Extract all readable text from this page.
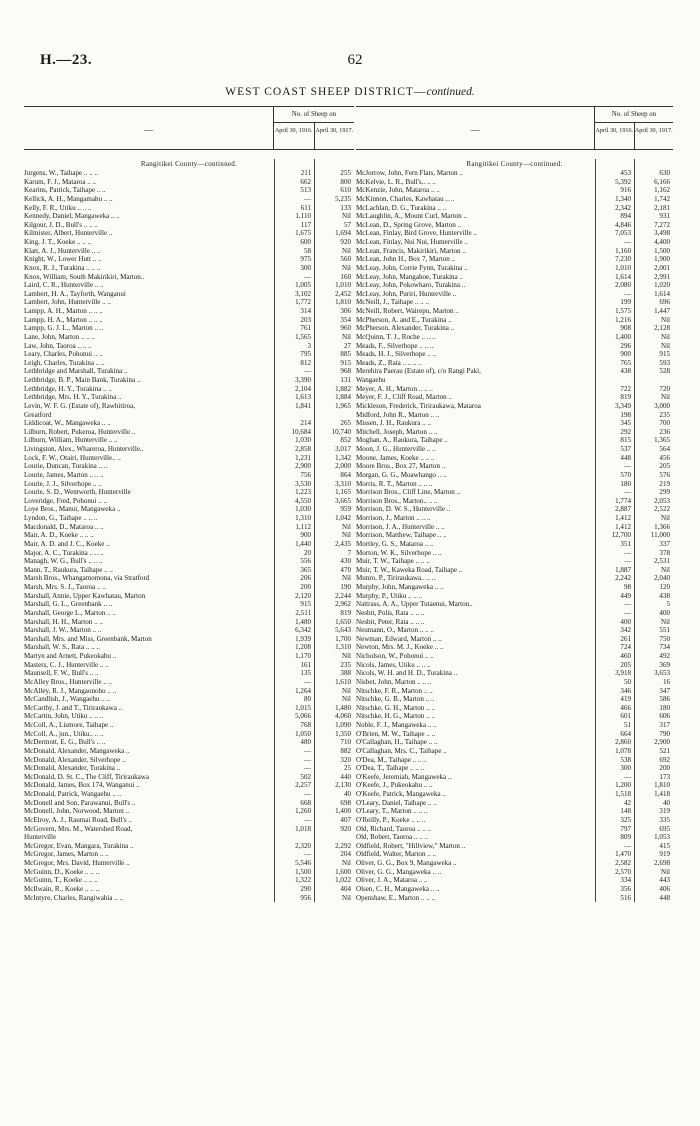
H.—23.	62
WEST COAST SHEEP DISTRICT—continued.
—
No. of Sheep on
April 30, 1916. April 30, 1917.
Rangitikei County—continued.
Jurgens, W., Taihape .. .. ..	211	255
Karum, F. J., Mataroa .. ..	662	800
Kearins, Patrick, Taihape .. ..	513	610
Kellick, A. H., Mangamahu .. ..	—	5,235
Kelly, F. R., Utiku .. .. ..	611	133
Kennedy, Daniel, Mangaweka .. ..	1,110	Nil
Kilgour, J. D., Bull's .. .. ..	117	57
Kilmister, Albert, Hunterville ..	1,675	1,694
King, J. T., Koeke .. .. ..	600	920
Klatt, A. J., Hunterville .. ..	58	Nil
Knight, W., Lower Hutt .. ..	975	560
Knox, R. J., Turakina .. .. ..	300	Nil
Knox, William, South Makirikiri, Marton..	—	160
Laird, C. R., Hunterville .. ..	1,005	1,010
Lambert, H. A., Tayforth, Wanganui	3,102	2,452
Lambert, John, Hunterville .. ..	1,772	1,810
Lampp, A. H., Marton .. .. ..	314	306
Lampp, H. A., Marton .. .. ..	203	354
Lampp, G. J. L., Marton .. ..	761	960
Lane, John, Marton .. .. ..	1,565	Nil
Law, John, Taoroa .. .. ..	3	27
Leary, Charles, Pohonui .. ..	795	885
Leigh, Charles, Turakina .. ..	812	915
Lethbridge and Marshall, Turakina ..	—	968
Lethbridge, B. P., Main Bank, Turakina ..	3,390	131
Lethbridge, H. Y., Turakina .. ..	2,104	1,882
Lethbridge, Mrs. H. Y., Turakina ..	1,613	1,884
Levin, W. F. G. (Estate of), Rawhitiroa,	1,841	1,965
Greatford
Liddicoat, W., Mangaweka .. ..	214	265
Lilburn, Robert, Pukeroa, Hunterville ..	10,684	10,740
Lilburn, William, Hunterville .. ..	1,030	852
Livingston, Alex., Whareroa, Hunterville..	2,858	3,017
Lock, F. W., Otairi, Hunterville.. ..	1,231	1,342
Lourie, Duncan, Turakina .. ..	2,900	2,000
Lourie, James, Marton .. .. ..	756	864
Lourie, J. J., Silverhope .. ..	3,530	3,310
Lourie, S. D., Wentworth, Hunterville	1,223	1,165
Loveridge, Fred, Pohonui .. ..	4,550	3,665
Loye Bros., Manui, Mangaweka ..	1,030	959
Lyndon, G., Taihape .. .. ..	1,310	1,042
Macdonald, D., Mataroa .. ..	1,112	Nil
Mair, A. D., Koeke .. .. ..	900	Nil
Mair, A. D. and J. C., Koeke ..	1,440	2,435
Major, A. C., Turakina .. .. ..	20	7
Managh, W. G., Bull's .. .. ..	556	430
Mann, T., Raukura, Taihape .. ..	365	470
Marsh Bros., Whangamomona, via Stratford	206	Nil
Marsh, Mrs. S. J., Taoroa .. ..	200	190
Marshall, Annie, Upper Kawhatau, Marton	2,120	2,244
Marshall, G. L., Greenbank .. ..	915	2,962
Marshall, George L., Marton .. ..	2,511	819
Marshall, H. H., Marton .. ..	1,480	1,650
Marshall, J. W., Marton .. ..	6,342	5,643
Marshall, Mrs. and Miss, Greenbank, Marton	1,939	1,700
Marshall, W. S., Rata .. .. ..	1,208	1,310
Martyn and Arnett, Pukeokahu ..	1,170	Nil
Masters, C. J., Hunterville .. ..	161	235
Maunsell, F. W., Bull's .. ..	135	388
McAlley Bros., Hunterville .. ..	—	1,610
McAlley, R. J., Mangaonoho .. ..	1,264	Nil
McCandlish, J., Wangaehu .. ..	80	Nil
McCarthy, J. and T., Tiriraukawa ..	1,015	1,480
McCartin, John, Utiku .. .. ..	5,066	4,060
McColl, A., Lismore, Taihape ..	768	1,090
McColl, A., jun., Utiku.. .. ..	1,050	1,350
McDermott, E. G., Bull's .. ..	480	710
McDonald, Alexander, Mangaweka ..	—	882
McDonald, Alexander, Silverhope ..	—	320
McDonald, Alexander, Turakina ..	—	25
McDonald, D. St. C., The Cliff, Tiriraukawa	502	440
McDonald, James, Box 174, Wanganui ..	2,257	2,130
McDonald, Patrick, Wangaehu .. ..	—	40
McDonell and Son, Parawanui, Bull's ..	668	698
McDonell, John, Norwood, Marton ..	1,260	1,400
McElroy, A. J., Raumai Road, Bull's ..	—	407
McGovern, Mrs. M., Watershed Road,	1,018	920
Hunterville
McGregor, Evan, Mangara, Turakina ..	2,320	2,292
McGregor, James, Marton .. ..	—	204
McGregor, Mrs. David, Hunterville ..	5,546	Nil
McGuinn, D., Koeke .. .. ..	1,500	1,600
McGuinn, T., Koeke .. .. ..	1,322	1,022
McIlwain, R., Koeke .. .. ..	290	404
McIntyre, Charles, Rangiwahia .. ..	956	Nil
—
No. of Sheep on
April 30, 1916. April 30, 1917.
Rangitikei County—continued.
McJorrow, John, Fern Flats, Marton ..	453	630
McKelvie, L. R., Bull's.. .. ..	5,392	6,166
McKenzie, John, Mataroa .. ..	916	1,162
McKinnon, Charles, Kawhatau .. ..	1,340	1,742
McLachlan, D. G., Turakina .. ..	2,342	2,181
McLaughlin, A., Mount Curl, Marton ..	894	931
McLean, D., Spring Grove, Marton ..	4,846	7,272
McLean, Finlay, Bird Grove, Hunterville ..	7,053	3,498
McLean, Finlay, Nui Nui, Hunterville ..	—	4,400
McLean, Francis, Makirikiri, Marton ..	1,160	1,500
McLean, John H., Box 7, Marton ..	7,230	1,900
McLeay, John, Corrie Fynn, Turakina ..	1,010	2,001
McLeay, John, Mangahoe, Turakina ..	1,614	2,991
McLeay, John, Pokowharo, Turakina ..	2,080	1,020
McLeay, John, Puriri, Hunterville ..	—	1,614
McNeill, J., Taihape .. .. ..	199	696
McNeill, Robert, Wairepu, Marton ..	1,575	1,447
McPherson, A. and E., Turakina ..	1,216	Nil
McPherson, Alexander, Turakina ..	908	2,128
McQuinn, T. J., Roche .. .. ..	1,400	Nil
Meads, F., Silverhope .. .. ..	296	Nil
Meads, H. J., Silverhope .. ..	900	915
Meads, Z., Rata .. .. .. ..	765	593
Merehira Paerau (Estate of), c/o Rangi Paki,	438	528
Wangaehu
Meyer, A. H., Marton .. .. ..	722	720
Meyer, F. J., Cliff Road, Marton ..	819	Nil
Mickleson, Frederick, Tiriraukawa, Mataroa	3,349	3,000
Midford, John R., Marton .. ..	198	235
Missen, J. H., Raukura .. ..	345	700
Mitchell, Joseph, Marton .. ..	292	236
Moghan, A., Raukura, Taihape ..	815	1,365
Moon, J. G., Hunterville .. ..	537	564
Moone, James, Koeke .. .. ..	448	456
Moore Bros., Box 27, Marton ..	—	205
Morgan, G. G., Moawhango .. ..	570	576
Morris, R. T., Marton .. .. ..	180	219
Morrison Bros., Cliff Line, Marton ..	—	299
Morrison Bros., Marton.. .. ..	1,774	2,053
Morrison, D. W. S., Hunterville ..	2,887	2,522
Morrison, J., Marton .. .. ..	1,412	Nil
Morrison, J. A., Hunterville .. ..	1,412	1,366
Morrison, Matthew, Taihape .. ..	12,700	11,000
Mortley, G. S., Mataroa .. ..	351	337
Morton, W. K., Silverhope .. ..	—	378
Muir, T. W., Taihape .. .. ..	—	2,531
Muir, T. W., Kaweka Road, Taihape ..	1,887	Nil
Munro, P., Tiriraukawa.. .. ..	2,242	2,040
Murphy, John, Mangaweka .. ..	98	120
Murphy, P., Utiku .. .. ..	449	438
Nattrass, A. A., Upper Tutaenui, Marton..	—	5
Nesbit, Polis, Rata .. .. ..	—	400
Nesbit, Peter, Rata .. .. ..	400	Nil
Neumann, O., Marton .. .. ..	342	551
Newman, Edward, Marton .. ..	261	750
Newton, Mrs. M. J., Koeke .. ..	724	734
Nicholson, W., Pohonui .. ..	460	492
Nicols, James, Utiku .. .. ..	205	369
Nicols, W. H. and H. D., Turakina ..	3,918	3,653
Nisbet, John, Marton .. .. ..	50	16
Nitschke, F. R., Marton .. ..	346	347
Nitschke, G. B., Marton .. ..	419	586
Nitschke, G. H., Marton .. ..	466	180
Nitschke, H. G., Marton .. ..	601	606
Noble, F. J., Mangaweka .. ..	51	317
O'Brien, M. W., Taihape .. ..	664	790
O'Callaghan, H., Taihape .. ..	2,860	2,900
O'Callaghan, Mrs. C., Taihape ..	1,078	521
O'Dea, M., Taihape .. .. ..	538	692
O'Dea, T., Taihape .. .. ..	300	200
O'Keefe, Jeremiah, Mangaweka ..	—	173
O'Keefe, J., Pukeokahu .. ..	1,200	1,810
O'Keefe, Patrick, Mangaweka ..	1,518	1,418
O'Leary, Daniel, Taihape .. ..	42	40
O'Leary, T., Marton .. .. ..	148	319
O'Reilly, P., Koeke .. .. ..	325	335
Old, Richard, Taoroa .. .. ..	797	695
Old, Robert, Taoroa .. .. ..	809	1,053
Oldfield, Robert, "Hillview," Marton ..	—	415
Oldfield, Walter, Marton .. ..	1,470	919
Oliver, G. G., Box 9, Mangaweka ..	2,582	2,698
Oliver, G. G., Mangaweka .. ..	2,570	Nil
Oliver, J. A., Mataroa .. ..	334	443
Olsen, C. H., Mangaweka .. ..	356	406
Openshaw, E., Marton .. .. ..	516	448
